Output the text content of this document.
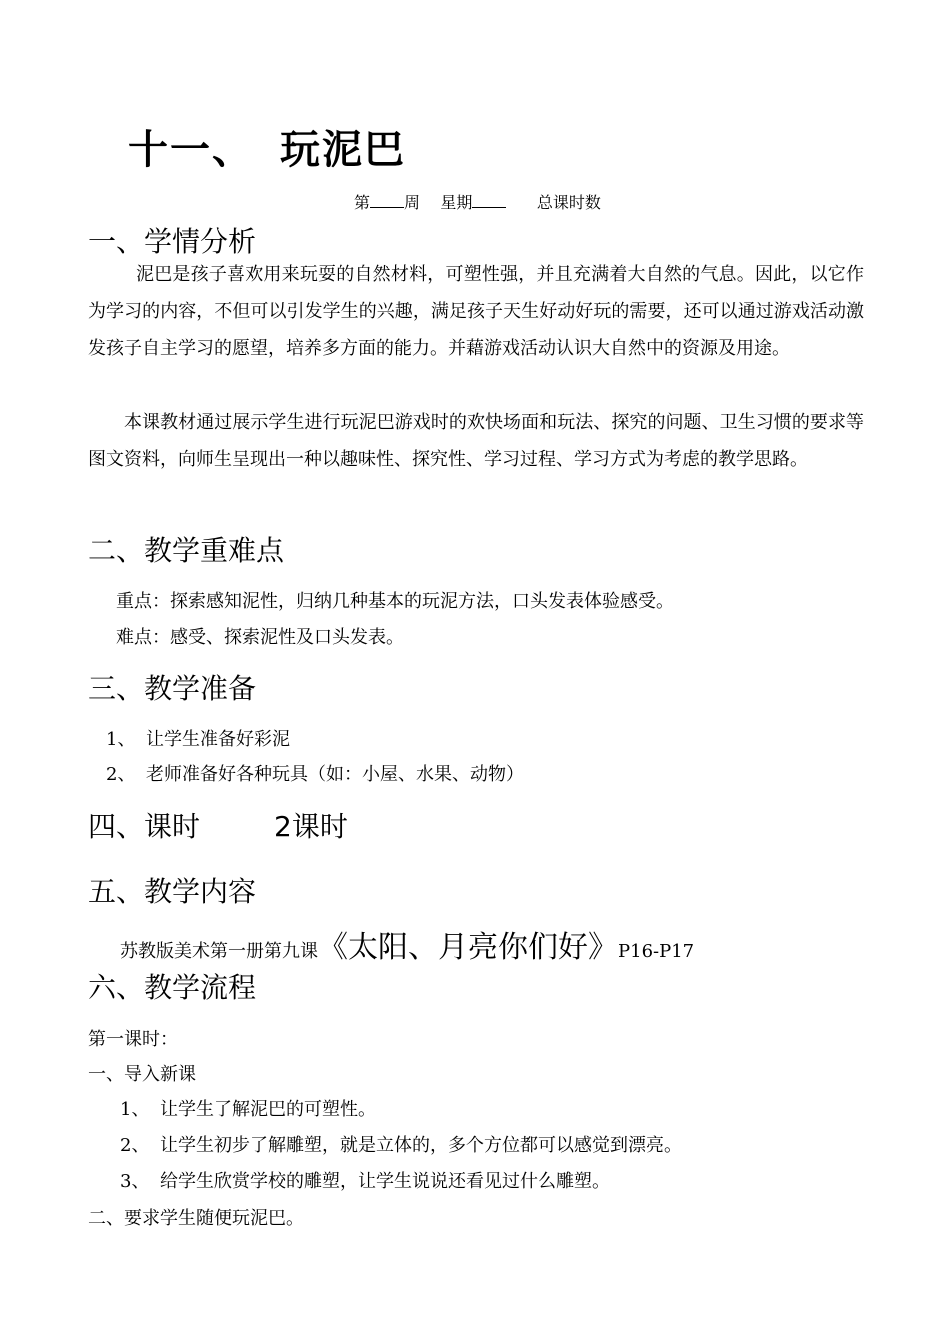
十一、 玩泥巴
第 周 星期	总课时数
一、学情分析
泥巴是孩子喜欢用来玩耍的自然材料，可塑性强，并且充满着大自然的气息。因此，以它作为学习的内容，不但可以引发学生的兴趣，满足孩子天生好动好玩的需要，还可以通过游戏活动激发孩子自主学习的愿望，培养多方面的能力。并藉游戏活动认识大自然中的资源及用途。
本课教材通过展示学生进行玩泥巴游戏时的欢快场面和玩法、探究的问题、卫生习惯的要求等图文资料，向师生呈现出一种以趣味性、探究性、学习过程、学习方式为考虑的教学思路。
二、教学重难点
重点：探索感知泥性，归纳几种基本的玩泥方法，口头发表体验感受。
难点：感受、探索泥性及口头发表。
三、教学准备
1、 让学生准备好彩泥
2、 老师准备好各种玩具（如：小屋、水果、动物）
四、课时	2课时
五、教学内容
苏教版美术第一册第九课《太阳、月亮你们好》P16-P17
六、教学流程
第一课时：
一、导入新课
1、 让学生了解泥巴的可塑性。
2、 让学生初步了解雕塑，就是立体的，多个方位都可以感觉到漂亮。
3、 给学生欣赏学校的雕塑，让学生说说还看见过什么雕塑。
二、要求学生随便玩泥巴。
